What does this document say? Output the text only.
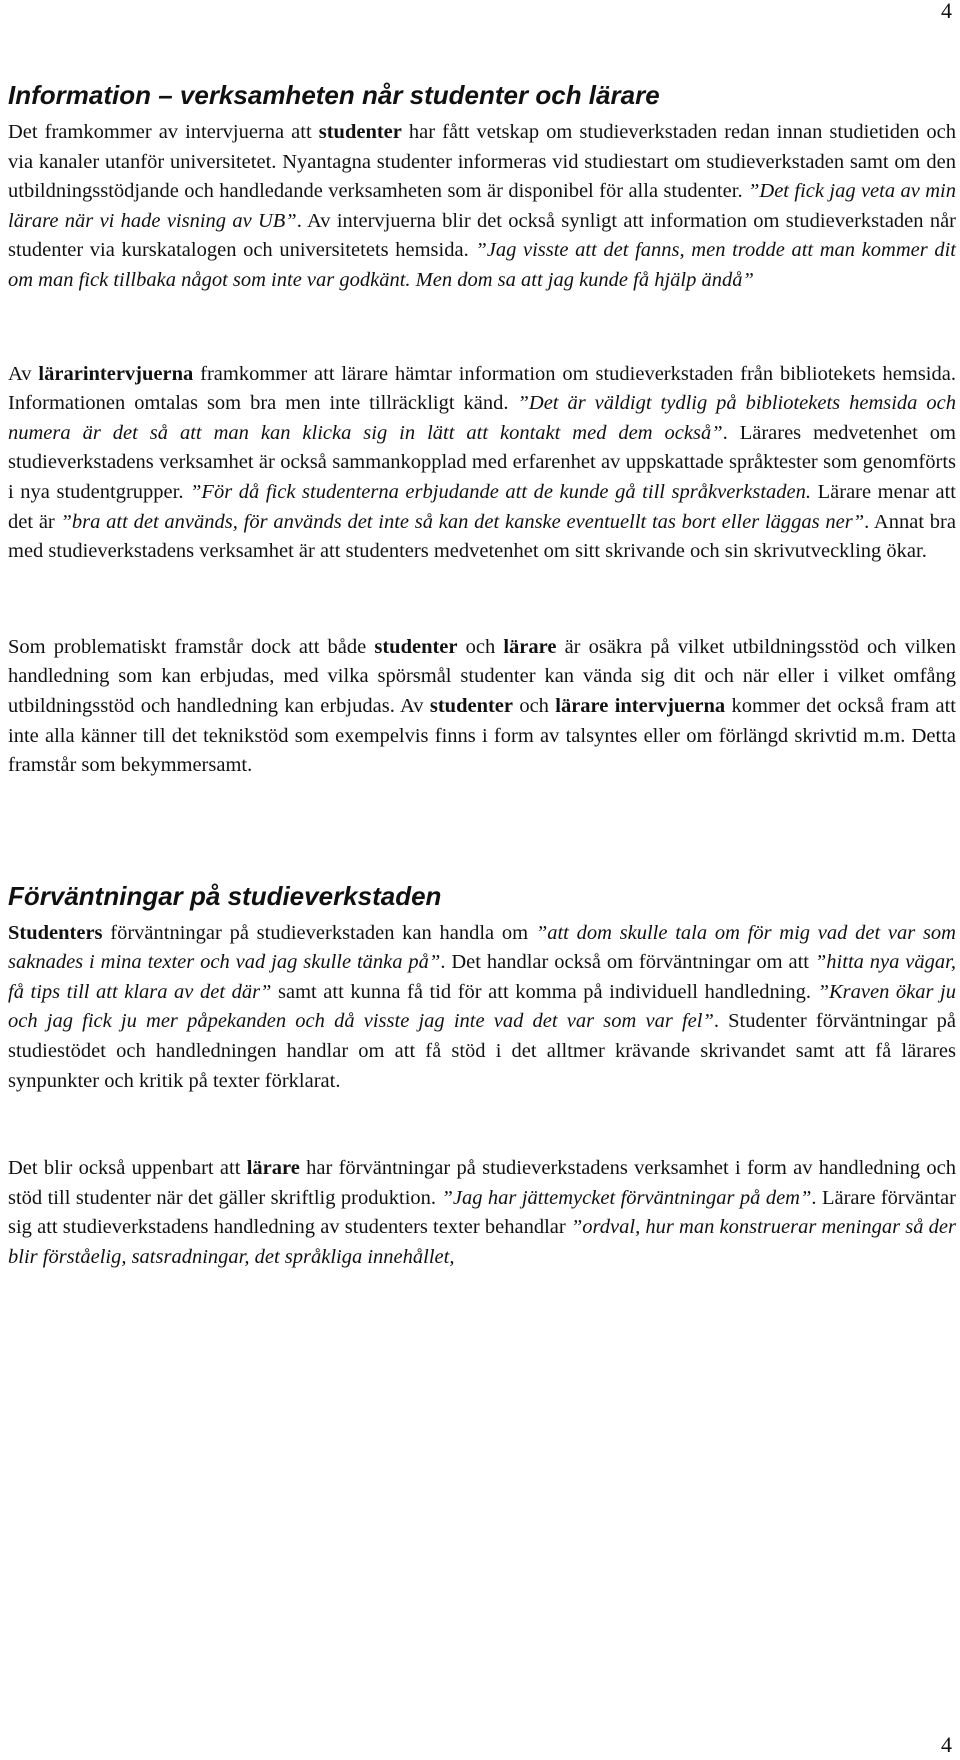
4
Information – verksamheten når studenter och lärare

Det framkommer av intervjuerna att studenter har fått vetskap om studieverkstaden redan innan studietiden och via kanaler utanför universitetet. Nyantagna studenter informeras vid studiestart om studieverkstaden samt om den utbildningsstödjande och handledande verksamheten som är disponibel för alla studenter. ”Det fick jag veta av min lärare när vi hade visning av UB”. Av intervjuerna blir det också synligt att information om studieverkstaden når studenter via kurskatalogen och universitetets hemsida. ”Jag visste att det fanns, men trodde att man kommer dit om man fick tillbaka något som inte var godkänt. Men dom sa att jag kunde få hjälp ändå”

Av lärarintervjuerna framkommer att lärare hämtar information om studieverkstaden från bibliotekets hemsida. Informationen omtalas som bra men inte tillräckligt känd. ”Det är väldigt tydlig på bibliotekets hemsida och numera är det så att man kan klicka sig in lätt att kontakt med dem också”. Lärares medvetenhet om studieverkstadens verksamhet är också sammankopplad med erfarenhet av uppskattade språktester som genomförts i nya studentgrupper. ”För då fick studenterna erbjudande att de kunde gå till språkverkstaden. Lärare menar att det är ”bra att det används, för används det inte så kan det kanske eventuellt tas bort eller läggas ner”. Annat bra med studieverkstadens verksamhet är att studenters medvetenhet om sitt skrivande och sin skrivutveckling ökar.

Som problematiskt framstår dock att både studenter och lärare är osäkra på vilket utbildningsstöd och vilken handledning som kan erbjudas, med vilka spörsmål studenter kan vända sig dit och när eller i vilket omfång utbildningsstöd och handledning kan erbjudas. Av studenter och lärare intervjuerna kommer det också fram att inte alla känner till det teknikstöd som exempelvis finns i form av talsyntes eller om förlängd skrivtid m.m. Detta framstår som bekymmersamt.

Förväntningar på studieverkstaden

Studenters förväntningar på studieverkstaden kan handla om ”att dom skulle tala om för mig vad det var som saknades i mina texter och vad jag skulle tänka på”. Det handlar också om förväntningar om att ”hitta nya vägar, få tips till att klara av det där” samt att kunna få tid för att komma på individuell handledning. ”Kraven ökar ju och jag fick ju mer påpekanden och då visste jag inte vad det var som var fel”. Studenter förväntningar på studiestödet och handledningen handlar om att få stöd i det alltmer krävande skrivandet samt att få lärares synpunkter och kritik på texter förklarat.

Det blir också uppenbart att lärare har förväntningar på studieverkstadens verksamhet i form av handledning och stöd till studenter när det gäller skriftlig produktion. ”Jag har jättemycket förväntningar på dem”. Lärare förväntar sig att studieverkstadens handledning av studenters texter behandlar ”ordval, hur man konstruerar meningar så der blir förståelig, satsradningar, det språkliga innehållet,

4
